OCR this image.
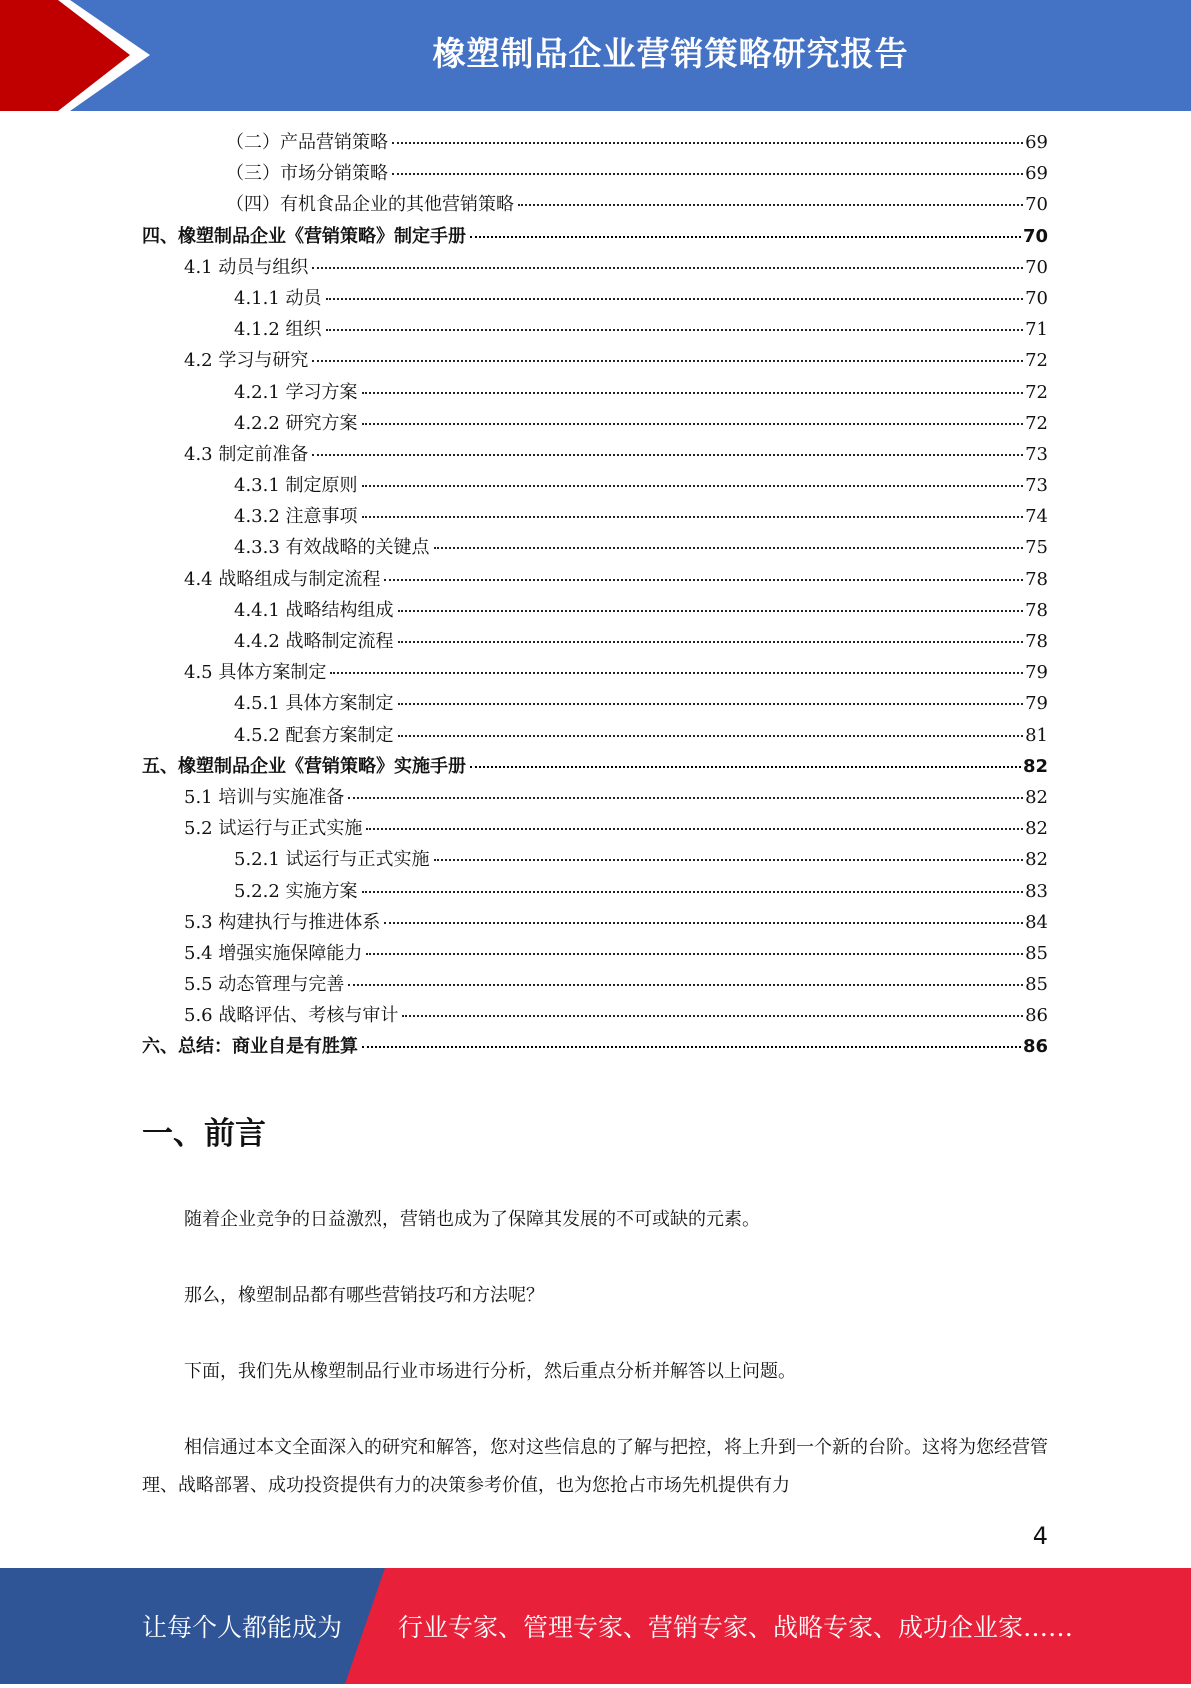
橡塑制品企业营销策略研究报告
（二）产品营销策略	69
（三）市场分销策略	69
（四）有机食品企业的其他营销策略	70
四、橡塑制品企业《营销策略》制定手册	70
4.1 动员与组织	70
4.1.1 动员	70
4.1.2 组织	71
4.2 学习与研究	72
4.2.1 学习方案	72
4.2.2 研究方案	72
4.3 制定前准备	73
4.3.1 制定原则	73
4.3.2 注意事项	74
4.3.3 有效战略的关键点	75
4.4 战略组成与制定流程	78
4.4.1 战略结构组成	78
4.4.2 战略制定流程	78
4.5 具体方案制定	79
4.5.1 具体方案制定	79
4.5.2 配套方案制定	81
五、橡塑制品企业《营销策略》实施手册	82
5.1 培训与实施准备	82
5.2 试运行与正式实施	82
5.2.1 试运行与正式实施	82
5.2.2 实施方案	83
5.3 构建执行与推进体系	84
5.4 增强实施保障能力	85
5.5 动态管理与完善	85
5.6 战略评估、考核与审计	86
六、总结：商业自是有胜算	86
一、前言

随着企业竞争的日益激烈，营销也成为了保障其发展的不可或缺的元素。

那么，橡塑制品都有哪些营销技巧和方法呢？

下面，我们先从橡塑制品行业市场进行分析，然后重点分析并解答以上问题。

相信通过本文全面深入的研究和解答，您对这些信息的了解与把控，将上升到一个新的台阶。这将为您经营管理、战略部署、成功投资提供有力的决策参考价值，也为您抢占市场先机提供有力

4
让每个人都能成为 行业专家、管理专家、营销专家、战略专家、成功企业家……
